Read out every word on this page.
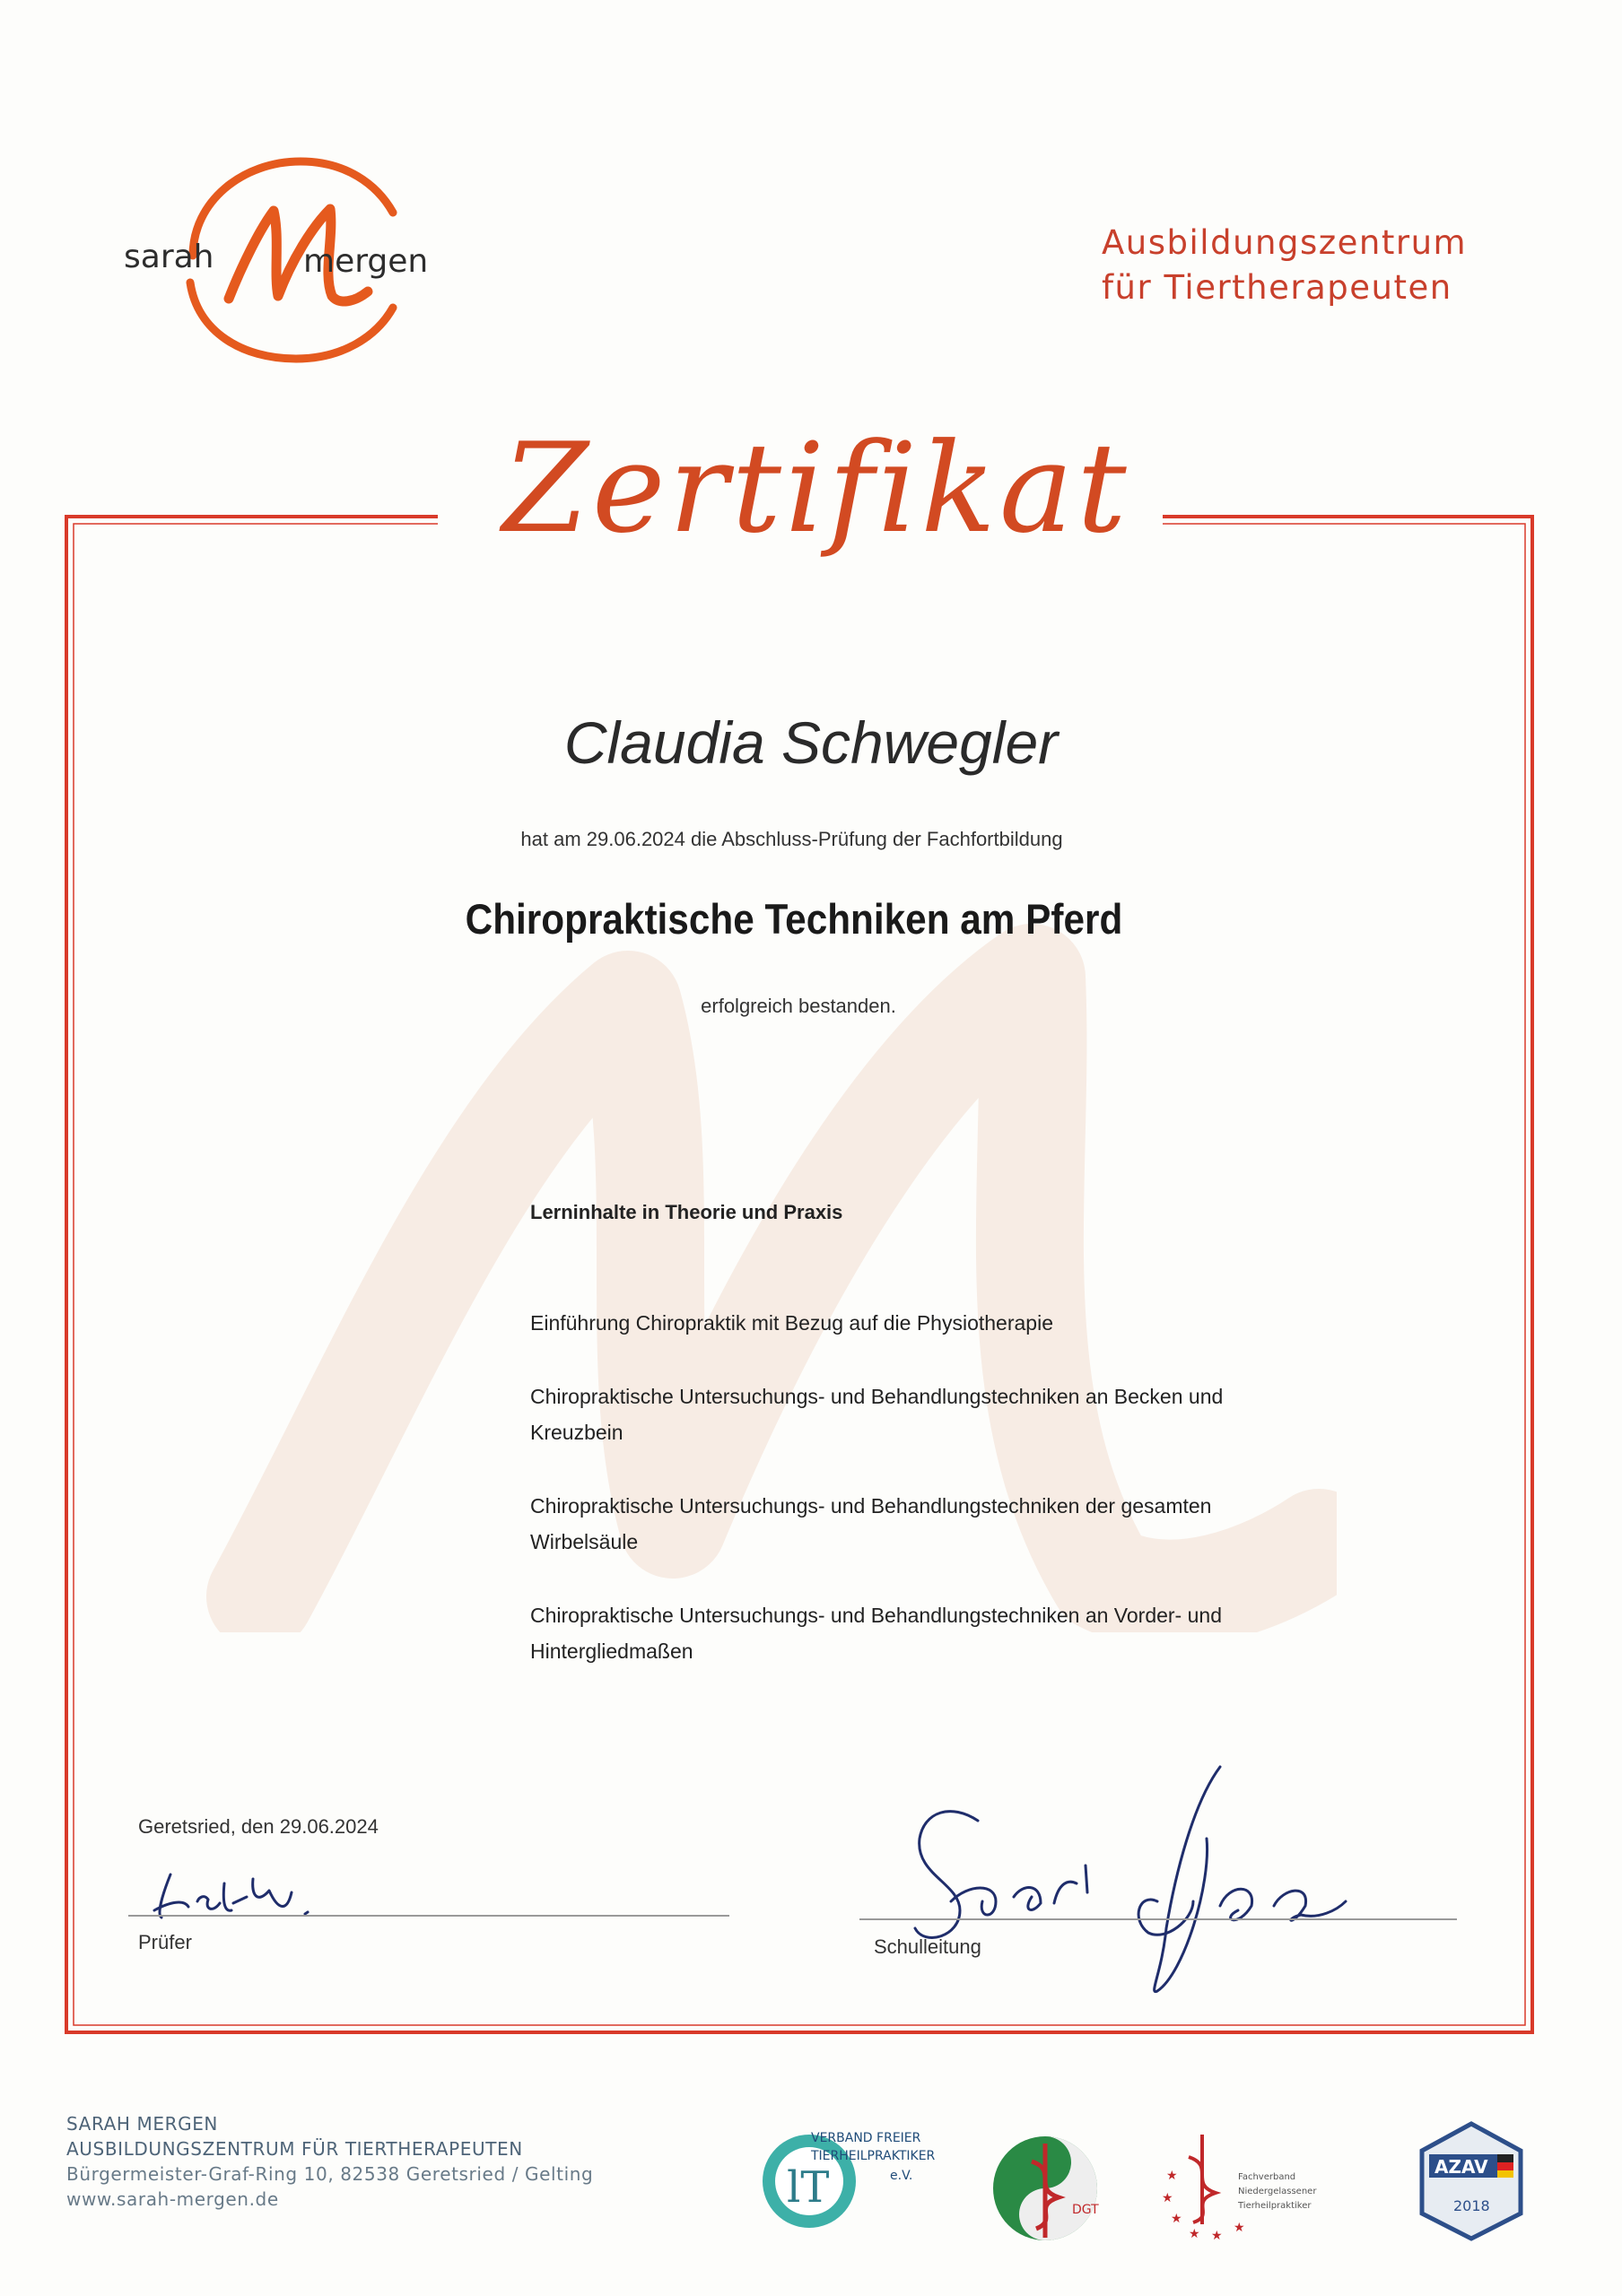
sarah	mergen	Ausbildungszentrum
für Tiertherapeuten
Zertifikat
Claudia Schwegler
hat am 29.06.2024 die Abschluss-Prüfung der Fachfortbildung
Chiropraktische Techniken am Pferd
erfolgreich bestanden.
Lerninhalte in Theorie und Praxis
Einführung Chiropraktik mit Bezug auf die Physiotherapie
Chiropraktische Untersuchungs- und Behandlungstechniken an Becken und Kreuzbein
Chiropraktische Untersuchungs- und Behandlungstechniken der gesamten Wirbelsäule
Chiropraktische Untersuchungs- und Behandlungstechniken an Vorder- und Hintergliedmaßen
Geretsried, den 29.06.2024
Prüfer	Schulleitung
SARAH MERGEN
AUSBILDUNGSZENTRUM FÜR TIERTHERAPEUTEN
Bürgermeister-Graf-Ring 10, 82538 Geretsried / Gelting
www.sarah-mergen.de	lT
VERBAND FREIER
TIERHEILPRAKTIKER
e.V.
DGT
★
★
★
★ ★
★
Fachverband
Niedergelassener
Tierheilpraktiker
AZAV
2018
